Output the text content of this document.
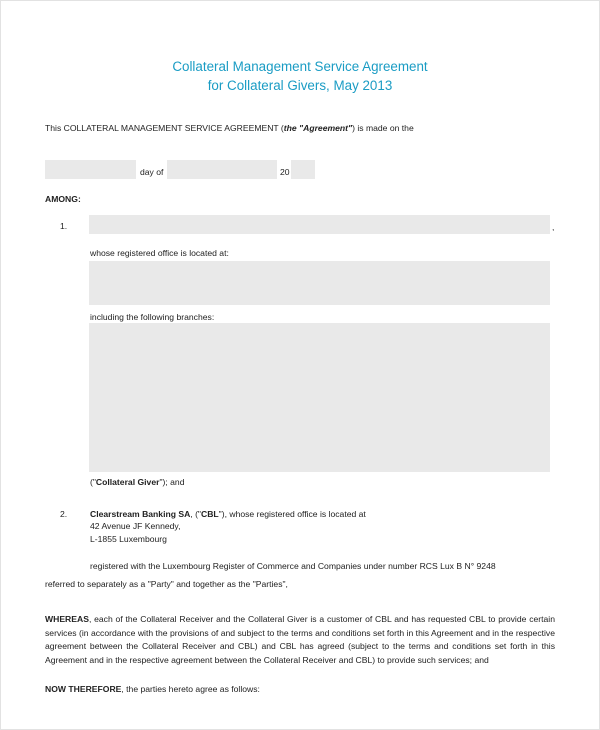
Collateral Management Service Agreement
for Collateral Givers, May 2013
This COLLATERAL MANAGEMENT SERVICE AGREEMENT (the "Agreement") is made on the
day of	20
AMONG:
1.	,
whose registered office is located at:
including the following branches:
("Collateral Giver"); and
2.	Clearstream Banking SA, ("CBL"), whose registered office is located at
42 Avenue JF Kennedy,
L-1855 Luxembourg
registered with the Luxembourg Register of Commerce and Companies under number RCS Lux B N° 9248
referred to separately as a "Party" and together as the "Parties",
WHEREAS, each of the Collateral Receiver and the Collateral Giver is a customer of CBL and has requested CBL to provide certain services (in accordance with the provisions of and subject to the terms and conditions set forth in this Agreement and in the respective agreement between the Collateral Receiver and CBL) and CBL has agreed (subject to the terms and conditions set forth in this Agreement and in the respective agreement between the Collateral Receiver and CBL) to provide such services; and
NOW THEREFORE, the parties hereto agree as follows:
